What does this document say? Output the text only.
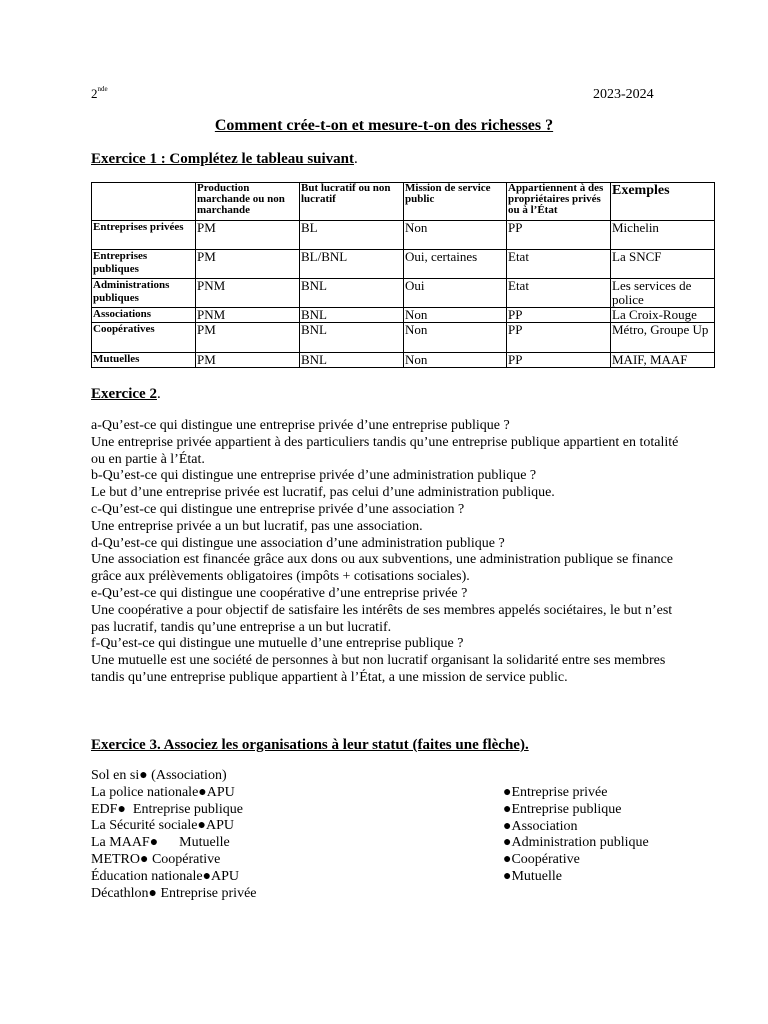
2nde	2023-2024
Comment crée-t-on et mesure-t-on des richesses ?
Exercice 1 : Complétez le tableau suivant.
	Production marchande ou non marchande	But lucratif ou non lucratif	Mission de service public	Appartiennent à des propriétaires privés ou à l’État	Exemples
Entreprises privées	PM	BL	Non	PP	Michelin
Entreprises publiques	PM	BL/BNL	Oui, certaines	Etat	La SNCF
Administrations publiques	PNM	BNL	Oui	Etat	Les services de police
Associations	PNM	BNL	Non	PP	La Croix-Rouge
Coopératives	PM	BNL	Non	PP	Métro, Groupe Up
Mutuelles	PM	BNL	Non	PP	MAIF, MAAF
Exercice 2.

a-Qu’est-ce qui distingue une entreprise privée d’une entreprise publique ?

Une entreprise privée appartient à des particuliers tandis qu’une entreprise publique appartient en totalité ou en partie à l’État.

b-Qu’est-ce qui distingue une entreprise privée d’une administration publique ?

Le but d’une entreprise privée est lucratif, pas celui d’une administration publique.

c-Qu’est-ce qui distingue une entreprise privée d’une association ?

Une entreprise privée a un but lucratif, pas une association.

d-Qu’est-ce qui distingue une association d’une administration publique ?

Une association est financée grâce aux dons ou aux subventions, une administration publique se finance grâce aux prélèvements obligatoires (impôts + cotisations sociales).

e-Qu’est-ce qui distingue une coopérative d’une entreprise privée ?

Une coopérative a pour objectif de satisfaire les intérêts de ses membres appelés sociétaires, le but n’est pas lucratif, tandis qu’une entreprise a un but lucratif.

f-Qu’est-ce qui distingue une mutuelle d’une entreprise publique ?

Une mutuelle est une société de personnes à but non lucratif organisant la solidarité entre ses membres tandis qu’une entreprise publique appartient à l’État, a une mission de service public.

Exercice 3. Associez les organisations à leur statut (faites une flèche).
Sol en si● (Association)
La police nationale●APU
EDF●  Entreprise publique
La Sécurité sociale●APU
La MAAF●      Mutuelle
METRO● Coopérative
Éducation nationale●APU
Décathlon● Entreprise privée
●Entreprise privée
●Entreprise publique
●Association
●Administration publique
●Coopérative
●Mutuelle
